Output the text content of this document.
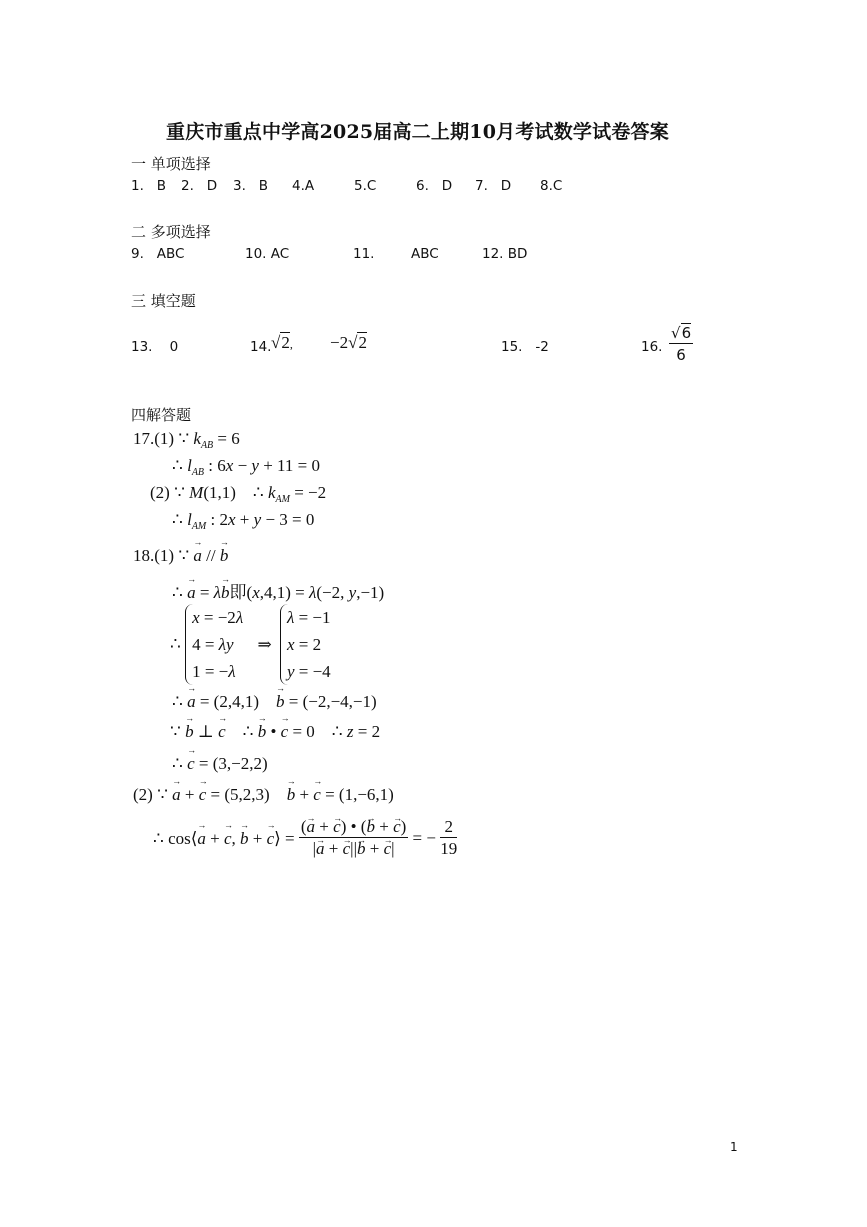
重庆市重点中学高2025届高二上期10月考试数学试卷答案
一 单项选择
1. B 2. D 3. B 4.A	5.C	6. D 7. D 8.C
二 多项选择
9. ABC	10. AC	11.	ABC	12. BD
三 填空题
13. 0	14. √2, −2√2	15. -2	16. $\frac{√6}{6}$
四解答题
17.(1) ∵ $k_{AB} = 6$
∴ $l_{AB}$ : 6x − y + 11 = 0
(2) ∵ M(1,1)    ∴ $k_{AM} = -2$
∴ $l_{AM}$ : 2x + y − 3 = 0
18.(1) ∵ → a // → b
∴ → a = λ→ b即(x,4,1) = λ(−2, y,−1)
∴ x = −2λ
4 = λy
1 = −λ ⇒ λ = −1
x = 2
y = −4
∴ → a = (2,4,1)    → b = (−2,−4,−1)
∵ → b ⊥ → c    ∴ → b • → c = 0    ∴ z = 2
∴ → c = (3,−2,2)
(2) ∵ → a + → c = (5,2,3)    → b + → c = (1,−6,1)
∴ cos⟨→ a + → c, → b + → c⟩ = $\frac{(\to a + \to c) • (\to b + \to c)}{|\to a + \to c||\to b + \to c|}$ = − $\frac{2}{19}$
1
